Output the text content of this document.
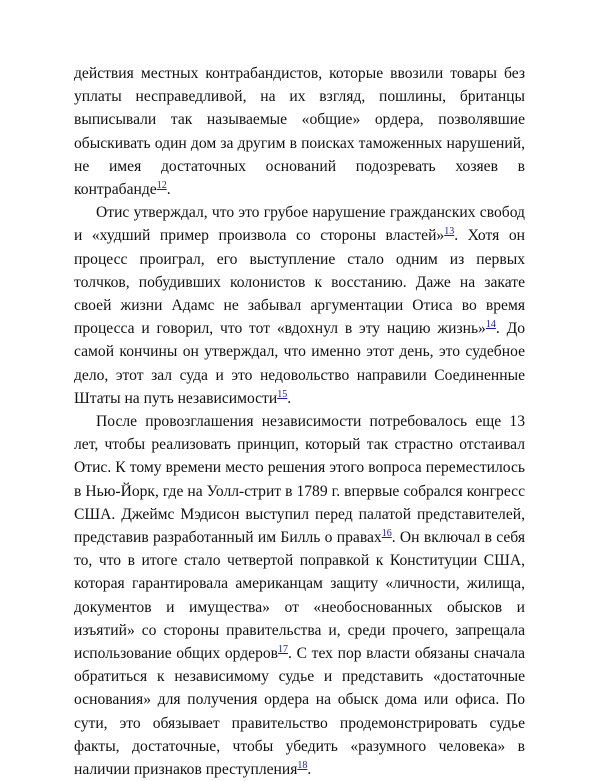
действия местных контрабандистов, которые ввозили товары без уплаты несправедливой, на их взгляд, пошлины, британцы выписывали так называемые «общие» ордера, позволявшие обыскивать один дом за другим в поисках таможенных нарушений, не имея достаточных оснований подозревать хозяев в контрабанде$^{12}$.

Отис утверждал, что это грубое нарушение гражданских свобод и «худший пример произвола со стороны властей»$^{13}$. Хотя он процесс проиграл, его выступление стало одним из первых толчков, побудивших колонистов к восстанию. Даже на закате своей жизни Адамс не забывал аргументации Отиса во время процесса и говорил, что тот «вдохнул в эту нацию жизнь»$^{14}$. До самой кончины он утверждал, что именно этот день, это судебное дело, этот зал суда и это недовольство направили Соединенные Штаты на путь независимости$^{15}$.

После провозглашения независимости потребовалось еще 13 лет, чтобы реализовать принцип, который так страстно отстаивал Отис. К тому времени место решения этого вопроса переместилось в Нью-Йорк, где на Уолл-стрит в 1789 г. впервые собрался конгресс США. Джеймс Мэдисон выступил перед палатой представителей, представив разработанный им Билль о правах$^{16}$. Он включал в себя то, что в итоге стало четвертой поправкой к Конституции США, которая гарантировала американцам защиту «личности, жилища, документов и имущества» от «необоснованных обысков и изъятий» со стороны правительства и, среди прочего, запрещала использование общих ордеров$^{17}$. С тех пор власти обязаны сначала обратиться к независимому судье и представить «достаточные основания» для получения ордера на обыск дома или офиса. По сути, это обязывает правительство продемонстрировать судье факты, достаточные, чтобы убедить «разумного человека» в наличии признаков преступления$^{18}$.
